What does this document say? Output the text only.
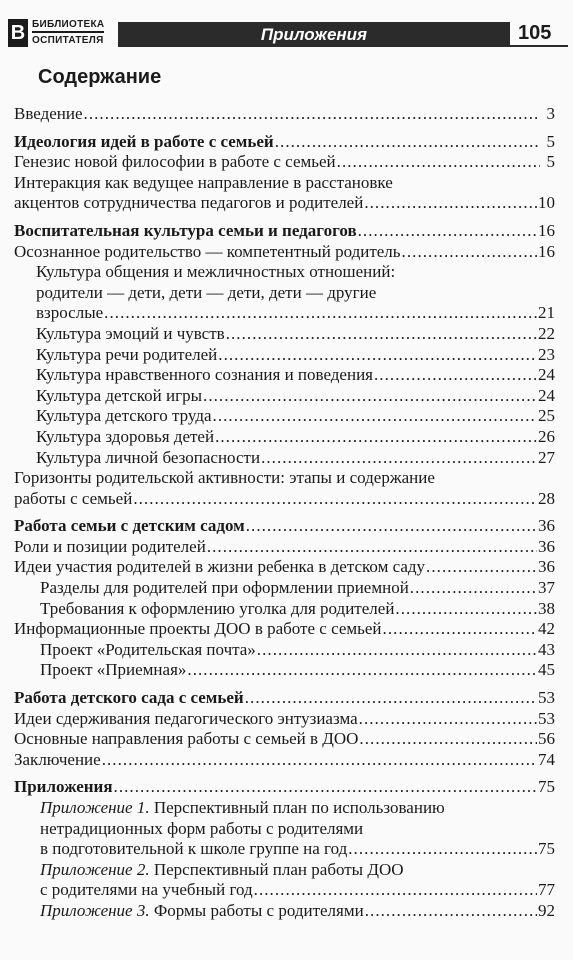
В БИБЛИОТЕКА
ОСПИТАТЕЛЯ	Приложения	105
Содержание
Введение . . .	3
Идеология идей в работе с семьей . . .	5
Генезис новой философии в работе с семьей . . .	5
Интеракция как ведущее направление в расстановке
акцентов сотрудничества педагогов и родителей . . .	10
Воспитательная культура семьи и педагогов . . .	16
Осознанное родительство — компетентный родитель . . .	16
Культура общения и межличностных отношений:
родители — дети, дети — дети, дети — другие
взрослые . . .	21
Культура эмоций и чувств . . .	22
Культура речи родителей . . .	23
Культура нравственного сознания и поведения . . .	24
Культура детской игры . . .	24
Культура детского труда . . .	25
Культура здоровья детей . . .	26
Культура личной безопасности . . .	27
Горизонты родительской активности: этапы и содержание
работы с семьей . . .	28
Работа семьи с детским садом . . .	36
Роли и позиции родителей . . .	36
Идеи участия родителей в жизни ребенка в детском саду . . .	36
Разделы для родителей при оформлении приемной . . .	37
Требования к оформлению уголка для родителей . . .	38
Информационные проекты ДОО в работе с семьей . . .	42
Проект «Родительская почта» . . .	43
Проект «Приемная» . . .	45
Работа детского сада с семьей . . .	53
Идеи сдерживания педагогического энтузиазма . . .	53
Основные направления работы с семьей в ДОО . . .	56
Заключение . . .	74
Приложения . . .	75
Приложение 1. Перспективный план по использованию
нетрадиционных форм работы с родителями
в подготовительной к школе группе на год . . .	75
Приложение 2. Перспективный план работы ДОО
с родителями на учебный год . . .	77
Приложение 3. Формы работы с родителями . . .	92
